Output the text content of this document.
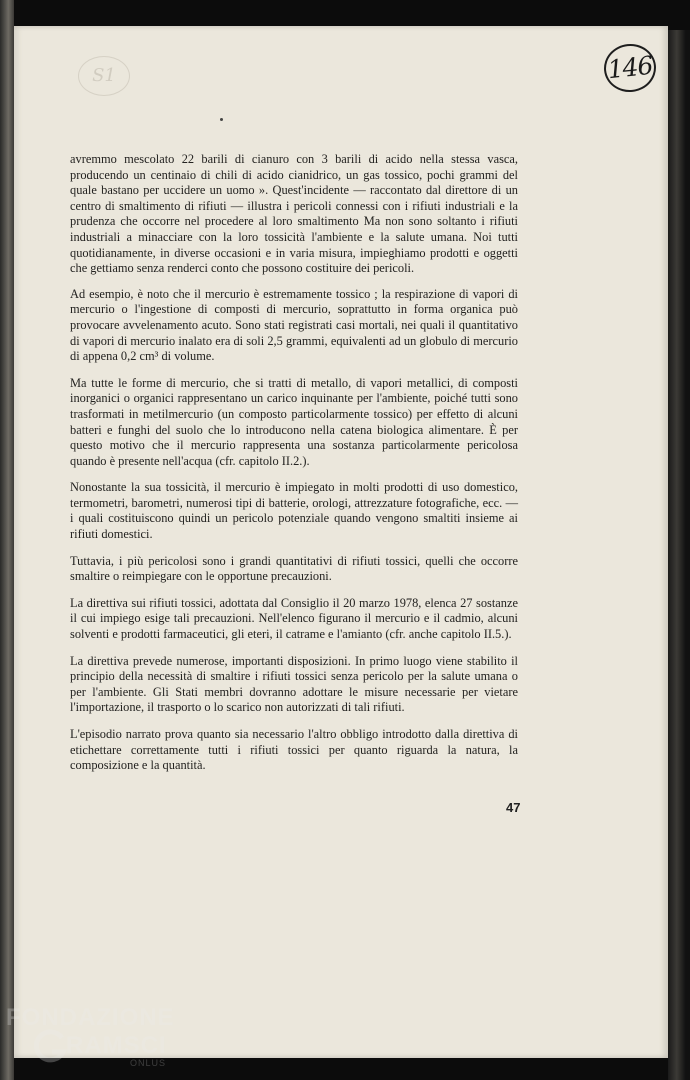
S1	146

avremmo mescolato 22 barili di cianuro con 3 barili di acido nella stessa vasca, producendo un centinaio di chili di acido cianidrico, un gas tossico, pochi grammi del quale bastano per uccidere un uomo ». Quest'incidente — raccontato dal direttore di un centro di smaltimento di rifiuti — illustra i pericoli connessi con i rifiuti industriali e la prudenza che occorre nel procedere al loro smaltimento Ma non sono soltanto i rifiuti industriali a minacciare con la loro tossicità l'ambiente e la salute umana. Noi tutti quotidianamente, in diverse occasioni e in varia misura, impieghiamo prodotti e oggetti che gettiamo senza renderci conto che possono costituire dei pericoli.

Ad esempio, è noto che il mercurio è estremamente tossico ; la respirazione di vapori di mercurio o l'ingestione di composti di mercurio, soprattutto in forma organica può provocare avvelenamento acuto. Sono stati registrati casi mortali, nei quali il quantitativo di vapori di mercurio inalato era di soli 2,5 grammi, equivalenti ad un globulo di mercurio di appena 0,2 cm³ di volume.

Ma tutte le forme di mercurio, che si tratti di metallo, di vapori metallici, di composti inorganici o organici rappresentano un carico inquinante per l'ambiente, poiché tutti sono trasformati in metilmercurio (un composto particolarmente tossico) per effetto di alcuni batteri e funghi del suolo che lo introducono nella catena biologica alimentare. È per questo motivo che il mercurio rappresenta una sostanza particolarmente pericolosa quando è presente nell'acqua (cfr. capitolo II.2.).

Nonostante la sua tossicità, il mercurio è impiegato in molti prodotti di uso domestico, termometri, barometri, numerosi tipi di batterie, orologi, attrezzature fotografiche, ecc. — i quali costituiscono quindi un pericolo potenziale quando vengono smaltiti insieme ai rifiuti domestici.

Tuttavia, i più pericolosi sono i grandi quantitativi di rifiuti tossici, quelli che occorre smaltire o reimpiegare con le opportune precauzioni.

La direttiva sui rifiuti tossici, adottata dal Consiglio il 20 marzo 1978, elenca 27 sostanze il cui impiego esige tali precauzioni. Nell'elenco figurano il mercurio e il cadmio, alcuni solventi e prodotti farmaceutici, gli eteri, il catrame e l'amianto (cfr. anche capitolo II.5.).

La direttiva prevede numerose, importanti disposizioni. In primo luogo viene stabilito il principio della necessità di smaltire i rifiuti tossici senza pericolo per la salute umana o per l'ambiente. Gli Stati membri dovranno adottare le misure necessarie per vietare l'importazione, il trasporto o lo scarico non autorizzati di tali rifiuti.

L'episodio narrato prova quanto sia necessario l'altro obbligo introdotto dalla direttiva di etichettare correttamente tutti i rifiuti tossici per quanto riguarda la natura, la composizione e la quantità.

47
FONDAZIONE
RAMSCI
ONLUS
